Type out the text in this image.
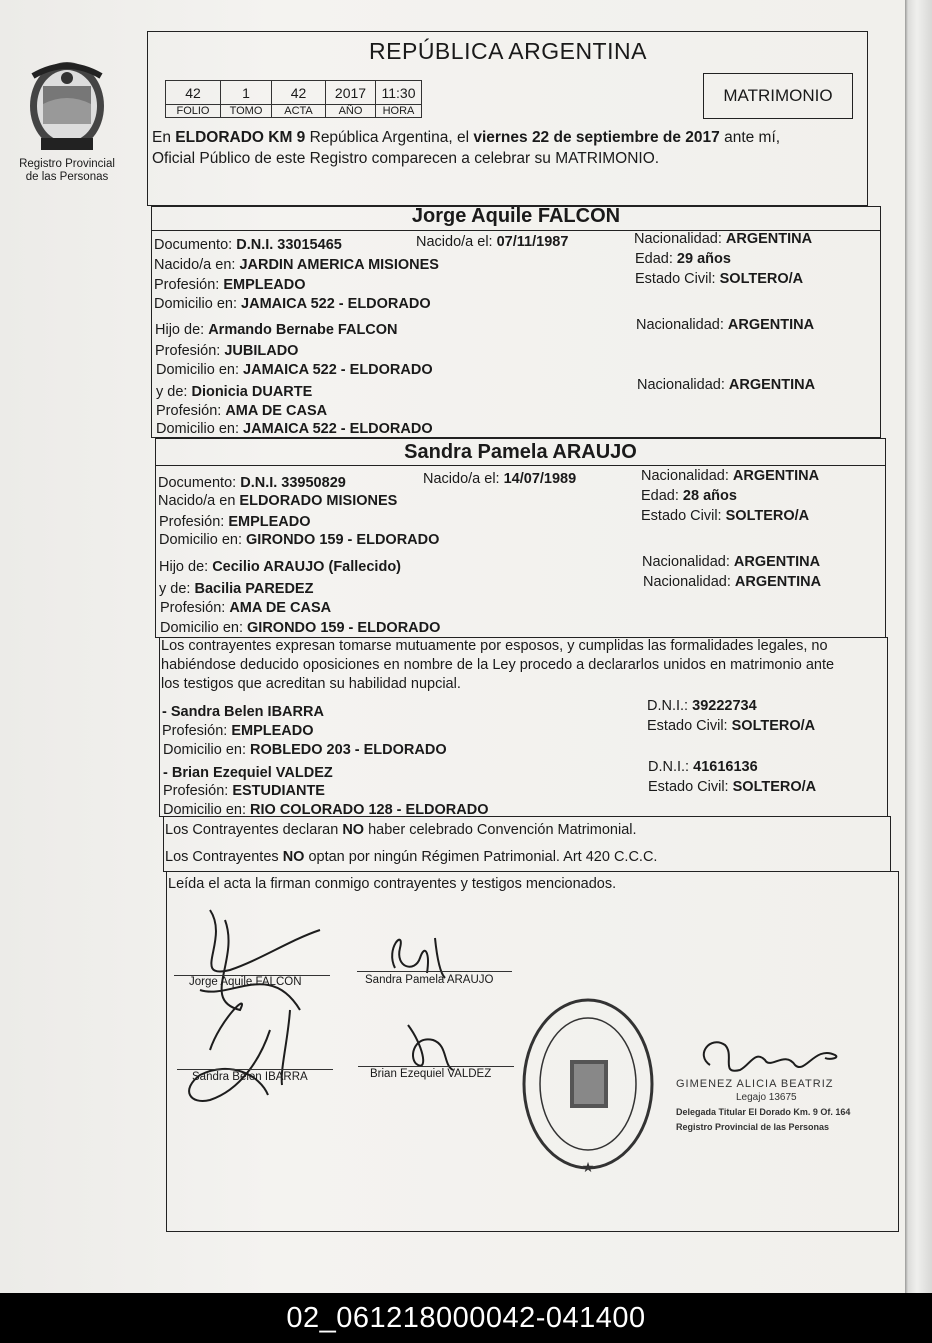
Registro Provincial
de las Personas
REPÚBLICA ARGENTINA
42	1	42	2017	11:30
FOLIO	TOMO	ACTA	AÑO	HORA
MATRIMONIO
En ELDORADO KM 9 República Argentina, el viernes 22 de septiembre de 2017 ante mí,
Oficial Público de este Registro comparecen a celebrar su MATRIMONIO.
Jorge Aquile FALCON
Documento: D.N.I. 33015465	Nacido/a el: 07/11/1987	Nacionalidad: ARGENTINA
Nacido/a en: JARDIN AMERICA MISIONES	Edad: 29 años
Profesión: EMPLEADO	Estado Civil: SOLTERO/A
Domicilio en: JAMAICA 522 - ELDORADO
Hijo de: Armando Bernabe FALCON	Nacionalidad: ARGENTINA
Profesión: JUBILADO
Domicilio en: JAMAICA 522 - ELDORADO
y de: Dionicia DUARTE	Nacionalidad: ARGENTINA
Profesión: AMA DE CASA
Domicilio en: JAMAICA 522 - ELDORADO
Sandra Pamela ARAUJO
Documento: D.N.I. 33950829	Nacido/a el: 14/07/1989	Nacionalidad: ARGENTINA
Nacido/a en ELDORADO MISIONES	Edad: 28 años
Profesión: EMPLEADO	Estado Civil: SOLTERO/A
Domicilio en: GIRONDO 159 - ELDORADO
Hijo de: Cecilio ARAUJO (Fallecido)	Nacionalidad: ARGENTINA
y de: Bacilia PAREDEZ	Nacionalidad: ARGENTINA
Profesión: AMA DE CASA
Domicilio en: GIRONDO 159 - ELDORADO
Los contrayentes expresan tomarse mutuamente por esposos, y cumplidas las formalidades legales, no
habiéndose deducido oposiciones en nombre de la Ley procedo a declararlos unidos en matrimonio ante
los testigos que acreditan su habilidad nupcial.
- Sandra Belen IBARRA	D.N.I.: 39222734
Profesión: EMPLEADO	Estado Civil: SOLTERO/A
Domicilio en: ROBLEDO 203 - ELDORADO
- Brian Ezequiel VALDEZ	D.N.I.: 41616136
Profesión: ESTUDIANTE	Estado Civil: SOLTERO/A
Domicilio en: RIO COLORADO 128 - ELDORADO
Los Contrayentes declaran NO haber celebrado Convención Matrimonial.
Los Contrayentes NO optan por ningún Régimen Patrimonial. Art 420 C.C.C.
Leída el acta la firman conmigo contrayentes y testigos mencionados.
Jorge Aquile FALCON	Sandra Pamela ARAUJO
Sandra Belen IBARRA	Brian Ezequiel VALDEZ
★
GIMENEZ ALICIA BEATRIZ
Legajo 13675
Delegada Titular El Dorado Km. 9 Of. 164
Registro Provincial de las Personas
02_061218000042-041400
